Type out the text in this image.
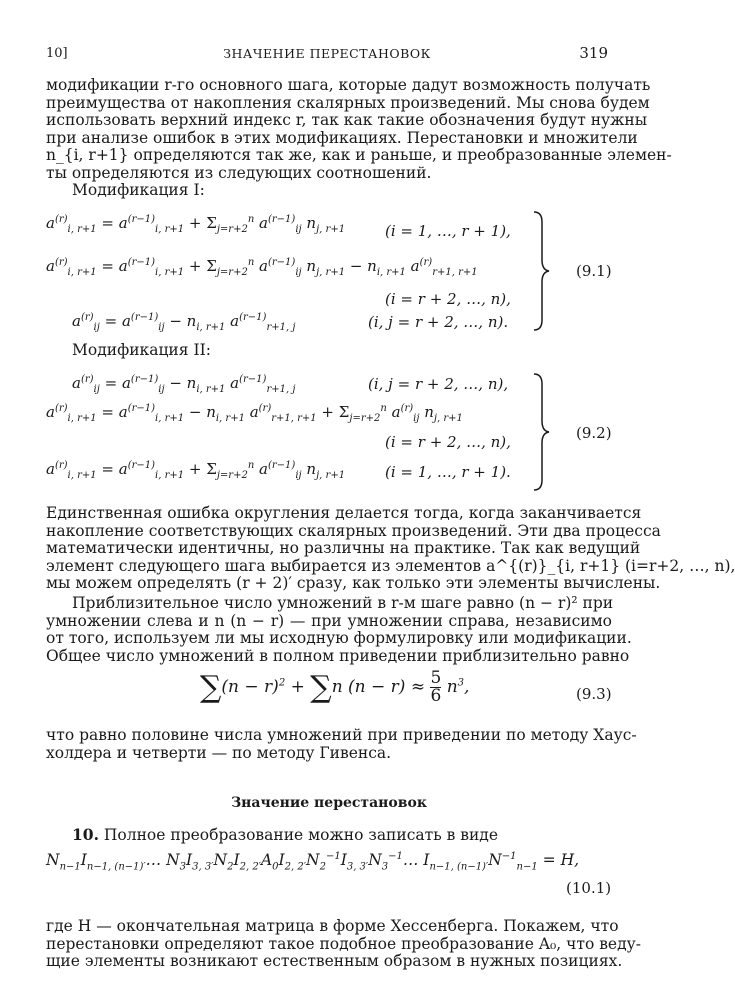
10]	ЗНАЧЕНИЕ ПЕРЕСТАНОВОК	319
модификации r-го основного шага, которые дадут возможность получать
преимущества от накопления скалярных произведений. Мы снова будем
использовать верхний индекс r, так как такие обозначения будут нужны
при анализе ошибок в этих модификациях. Перестановки и множители
n_{i, r+1} определяются так же, как и раньше, и преобразованные элемен-
ты определяются из следующих соотношений.
Модификация I:
$a^{(r)}_{i, r+1} = a^{(r-1)}_{i, r+1} + \Sigma_{j=r+2}^n$ $a^{(r-1)}_{ij}$ $n_{j, r+1}$	(i = 1, …, r + 1),
$a^{(r)}_{i, r+1} = a^{(r-1)}_{i, r+1} + \Sigma_{j=r+2}^n$ $a^{(r-1)}_{ij}$ $n_{j, r+1} - n_{i, r+1}$ $a^{(r)}_{r+1, r+1}$
(i = r + 2, …, n),
$a^{(r)}_{ij} = a^{(r-1)}_{ij} - n_{i, r+1}$ $a^{(r-1)}_{r+1, j}$	(i, j = r + 2, …, n).
(9.1)
Модификация II:
$a^{(r)}_{ij} = a^{(r-1)}_{ij} - n_{i, r+1}$ $a^{(r-1)}_{r+1, j}$	(i, j = r + 2, …, n),
$a^{(r)}_{i, r+1} = a^{(r-1)}_{i, r+1} - n_{i, r+1}$ $a^{(r)}_{r+1, r+1} + \Sigma_{j=r+2}^n$ $a^{(r)}_{ij}$ $n_{j, r+1}$
(i = r + 2, …, n),
$a^{(r)}_{i, r+1} = a^{(r-1)}_{i, r+1} + \Sigma_{j=r+2}^n$ $a^{(r-1)}_{ij}$ $n_{j, r+1}$	(i = 1, …, r + 1).
(9.2)
Единственная ошибка округления делается тогда, когда заканчивается
накопление соответствующих скалярных произведений. Эти два процесса
математически идентичны, но различны на практике. Так как ведущий
элемент следующего шага выбирается из элементов a^{(r)}_{i, r+1} (i=r+2, …, n),
мы можем определять (r + 2)′ сразу, как только эти элементы вычислены.
Приблизительное число умножений в r-м шаге равно (n − r)² при
умножении слева и n (n − r) — при умножении справа, независимо
от того, используем ли мы исходную формулировку или модификации.
Общее число умножений в полном приведении приблизительно равно
$\sum(n - r)^2 + \sum n$ (n − r) ≈ 5

6 $n^3$,	(9.3)
что равно половине числа умножений при приведении по методу Хаус-
холдера и четверти — по методу Гивенса.
Значение перестановок
10. Полное преобразование можно записать в виде
$N_{n-1}I_{n-1, (n-1)'}\dots$ $N_3I_{3, 3'}N_2I_{2, 2'}A_0I_{2, 2'}N_2^{-1}I_{3, 3'}N_3^{-1}\dots$ $I_{n-1, (n-1)'}N^{-1}_{n-1} = H$,
(10.1)
где H — окончательная матрица в форме Хессенберга. Покажем, что
перестановки определяют такое подобное преобразование A₀, что веду-
щие элементы возникают естественным образом в нужных позициях.
